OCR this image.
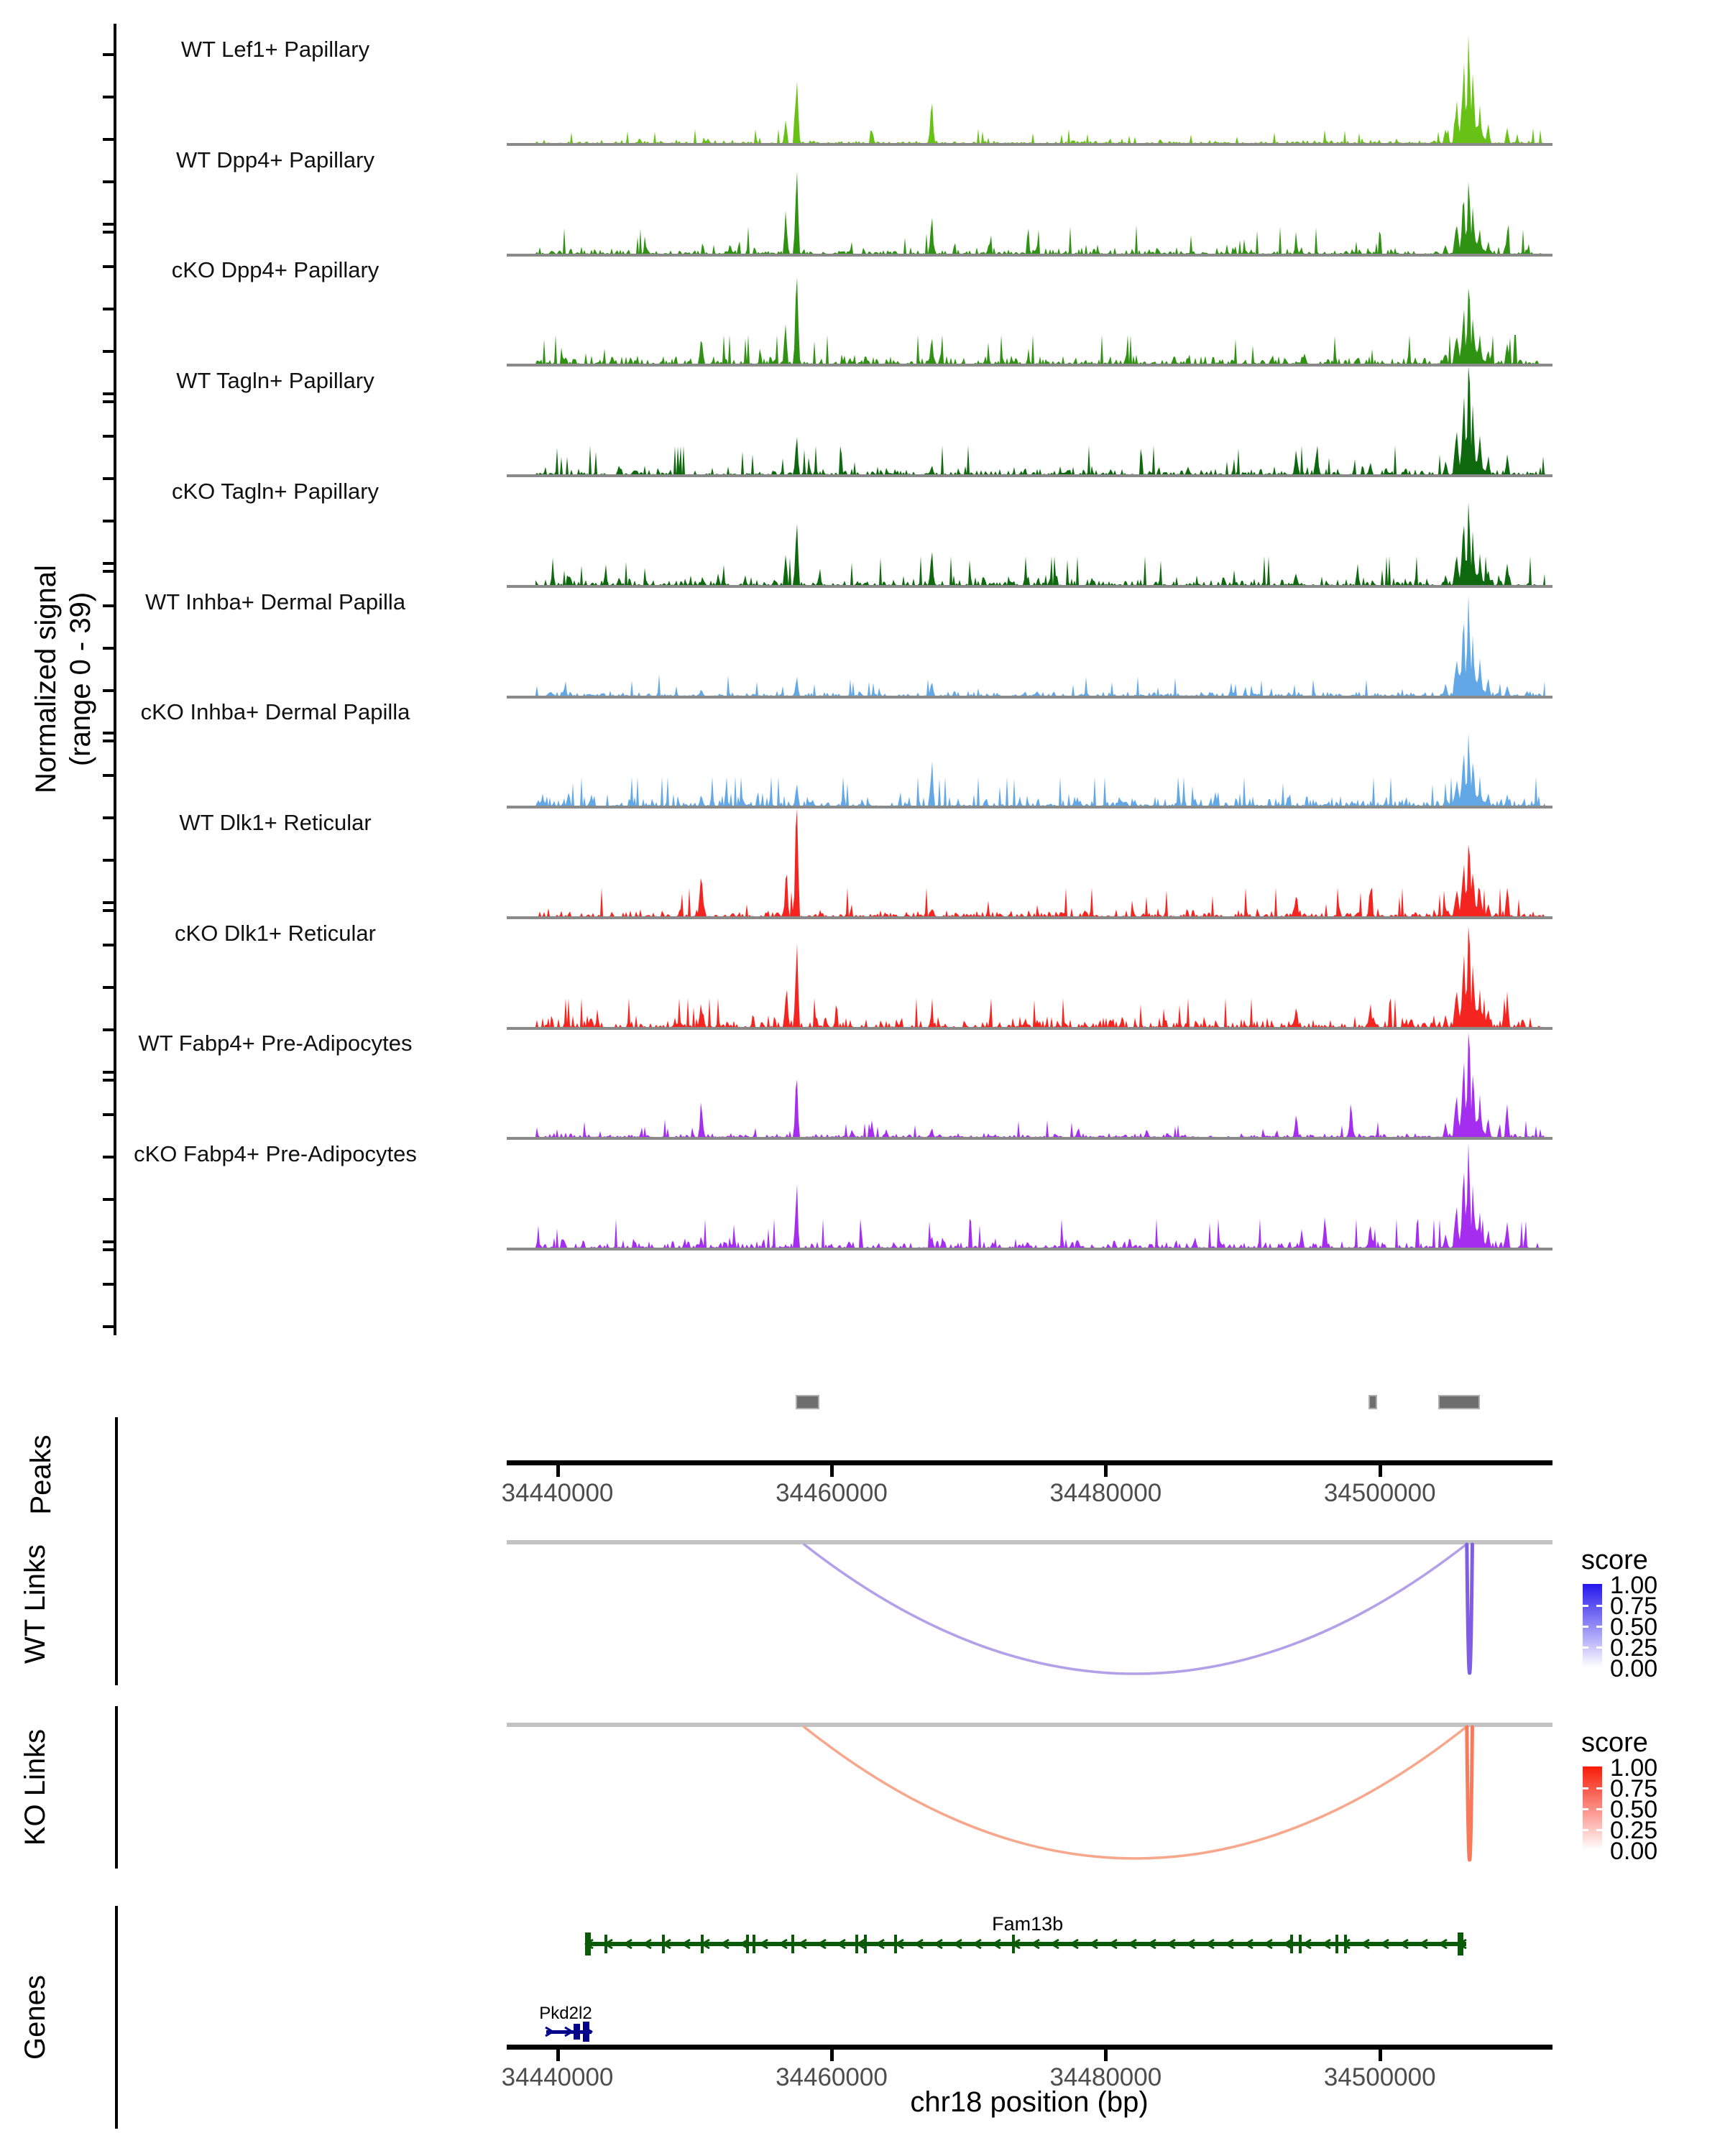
Normalized signal (range 0 - 39)
WT Lef1+ Papillary
WT Dpp4+ Papillary
cKO Dpp4+ Papillary
WT Tagln+ Papillary
cKO Tagln+ Papillary
WT Inhba+ Dermal Papilla
cKO Inhba+ Dermal Papilla
WT Dlk1+ Reticular
cKO Dlk1+ Reticular
WT Fabp4+ Pre-Adipocytes
cKO Fabp4+ Pre-Adipocytes
Peaks	34440000	34460000	34480000	34500000
WT Links	score
1.00
0.75
0.50
0.25
0.00
KO Links	score
1.00
0.75
0.50
0.25
0.00
Genes
Fam13b
Pkd2l2
34440000	34460000	34480000	34500000
chr18 position (bp)
